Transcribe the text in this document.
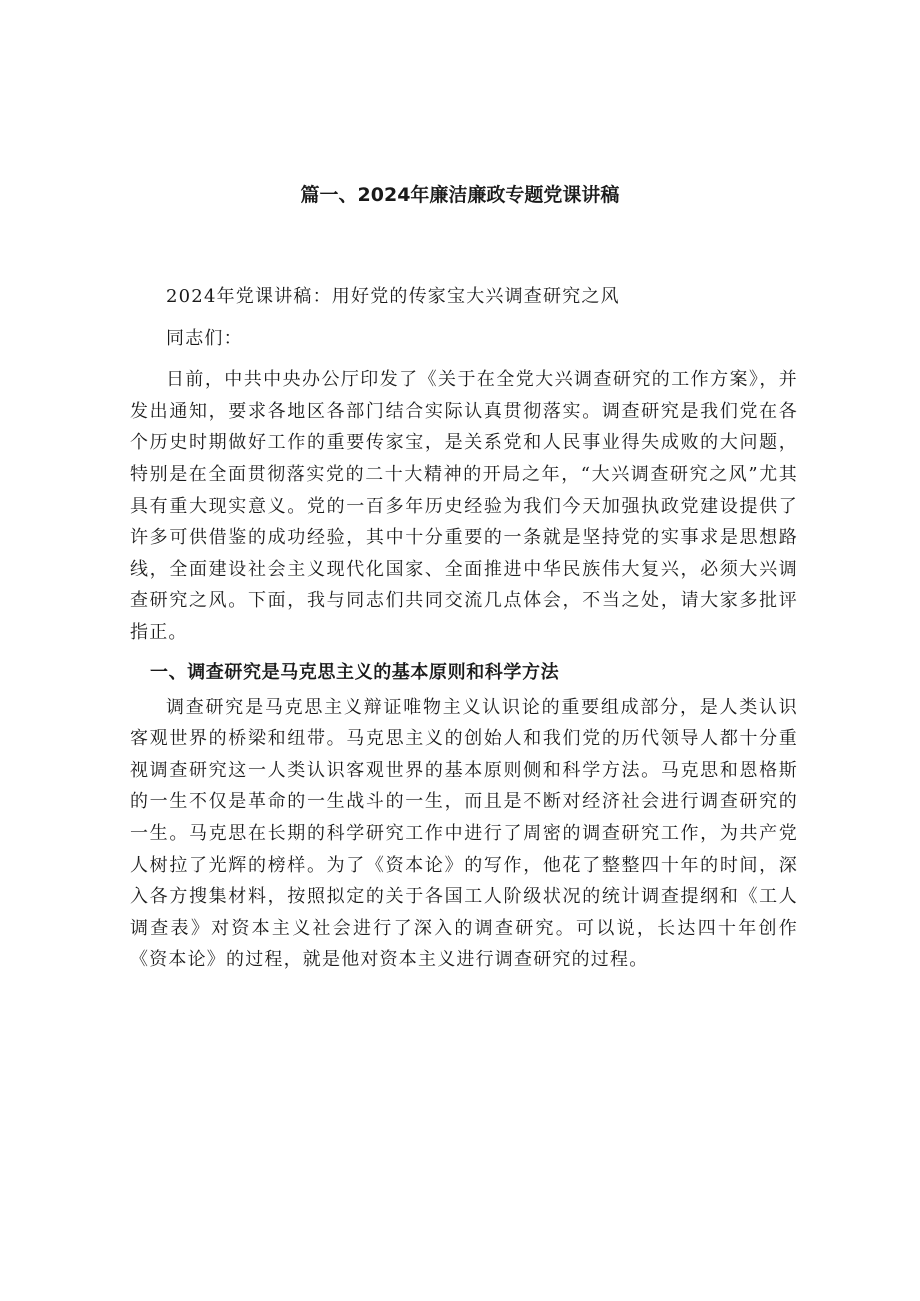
篇一、2024年廉洁廉政专题党课讲稿

2024年党课讲稿：用好党的传家宝大兴调查研究之风

同志们：

日前，中共中央办公厅印发了《关于在全党大兴调查研究的工作方案》，并发出通知，要求各地区各部门结合实际认真贯彻落实。调查研究是我们党在各个历史时期做好工作的重要传家宝，是关系党和人民事业得失成败的大问题，特别是在全面贯彻落实党的二十大精神的开局之年，“大兴调查研究之风”尤其具有重大现实意义。党的一百多年历史经验为我们今天加强执政党建设提供了许多可供借鉴的成功经验，其中十分重要的一条就是坚持党的实事求是思想路线，全面建设社会主义现代化国家、全面推进中华民族伟大复兴，必须大兴调查研究之风。下面，我与同志们共同交流几点体会，不当之处，请大家多批评指正。

一、调查研究是马克思主义的基本原则和科学方法

调查研究是马克思主义辩证唯物主义认识论的重要组成部分，是人类认识客观世界的桥梁和纽带。马克思主义的创始人和我们党的历代领导人都十分重视调查研究这一人类认识客观世界的基本原则侧和科学方法。马克思和恩格斯的一生不仅是革命的一生战斗的一生，而且是不断对经济社会进行调查研究的一生。马克思在长期的科学研究工作中进行了周密的调查研究工作，为共产党人树拉了光辉的榜样。为了《资本论》的写作，他花了整整四十年的时间，深入各方搜集材料，按照拟定的关于各国工人阶级状况的统计调查提纲和《工人调查表》对资本主义社会进行了深入的调查研究。可以说，长达四十年创作《资本论》的过程，就是他对资本主义进行调查研究的过程。
